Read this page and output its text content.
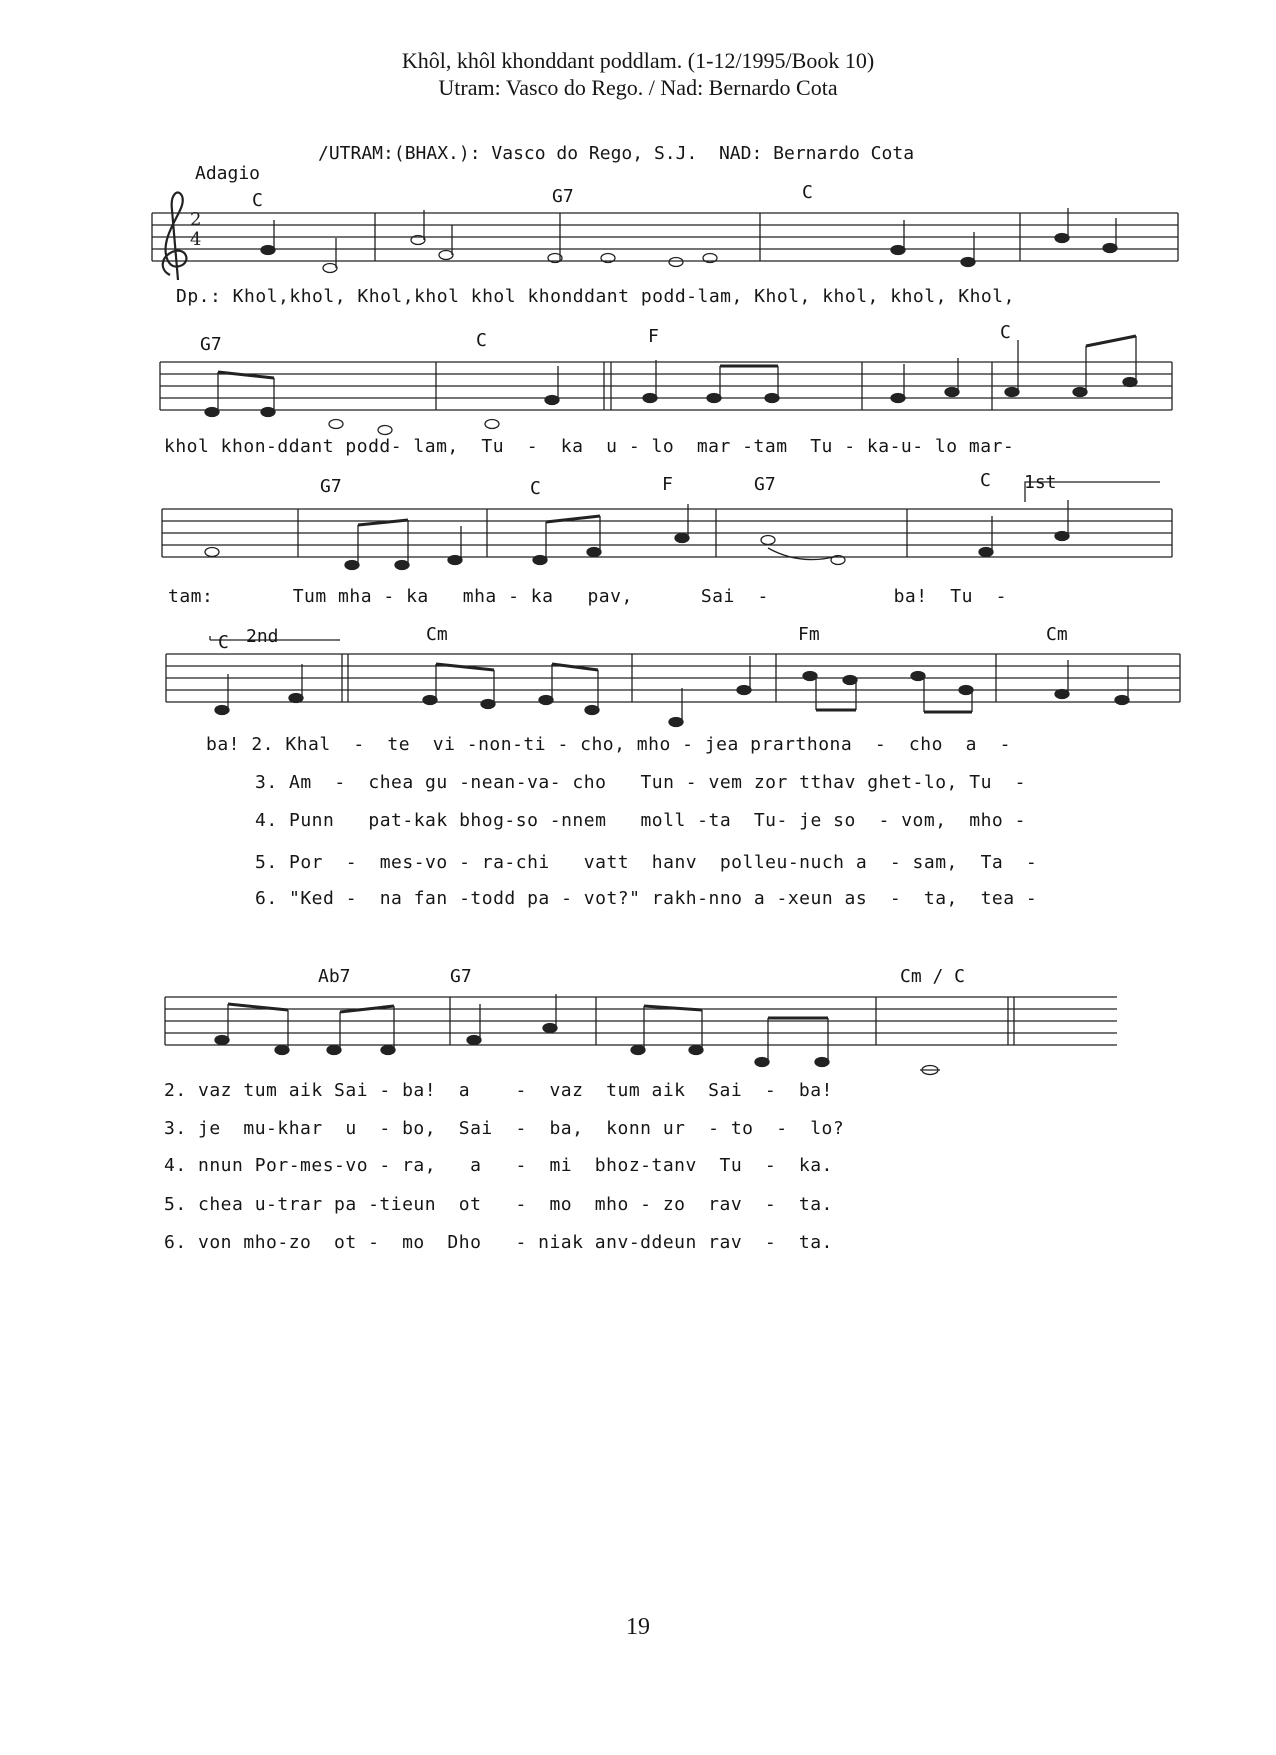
Khôl, khôl khonddant poddlam. (1-12/1995/Book 10)
Utram: Vasco do Rego. / Nad: Bernardo Cota
Adagio
/UTRAM:(BHAX.): Vasco do Rego, S.J.  NAD: Bernardo Cota
2
4
C	G7	C
Dp.: Khol,khol, Khol,khol khol khonddant podd-lam, Khol, khol, khol, Khol,
G7	C	F	C
khol khon-ddant podd- lam,  Tu  -  ka  u - lo  mar -tam  Tu - ka-u- lo mar-
G7	C	F	G7	C 1st
tam:       Tum mha - ka   mha - ka   pav,      Sai  -           ba!  Tu  -
C 2nd	Cm	Fm	Cm
ba! 2. Khal  -  te  vi -non-ti - cho, mho - jea prarthona  -  cho  a  -
3. Am  -  chea gu -nean-va- cho   Tun - vem zor tthav ghet-lo, Tu  -
4. Punn   pat-kak bhog-so -nnem   moll -ta  Tu- je so  - vom,  mho -
5. Por  -  mes-vo - ra-chi   vatt  hanv  polleu-nuch a  - sam,  Ta  -
6. "Ked -  na fan -todd pa - vot?" rakh-nno a -xeun as  -  ta,  tea -
Ab7	G7	Cm / C
2. vaz tum aik Sai - ba!  a    -  vaz  tum aik  Sai  -  ba!
3. je  mu-khar  u  - bo,  Sai  -  ba,  konn ur  - to  -  lo?
4. nnun Por-mes-vo - ra,   a   -  mi  bhoz-tanv  Tu  -  ka.
5. chea u-trar pa -tieun  ot   -  mo  mho - zo  rav  -  ta.
6. von mho-zo  ot -  mo  Dho   - niak anv-ddeun rav  -  ta.
19
